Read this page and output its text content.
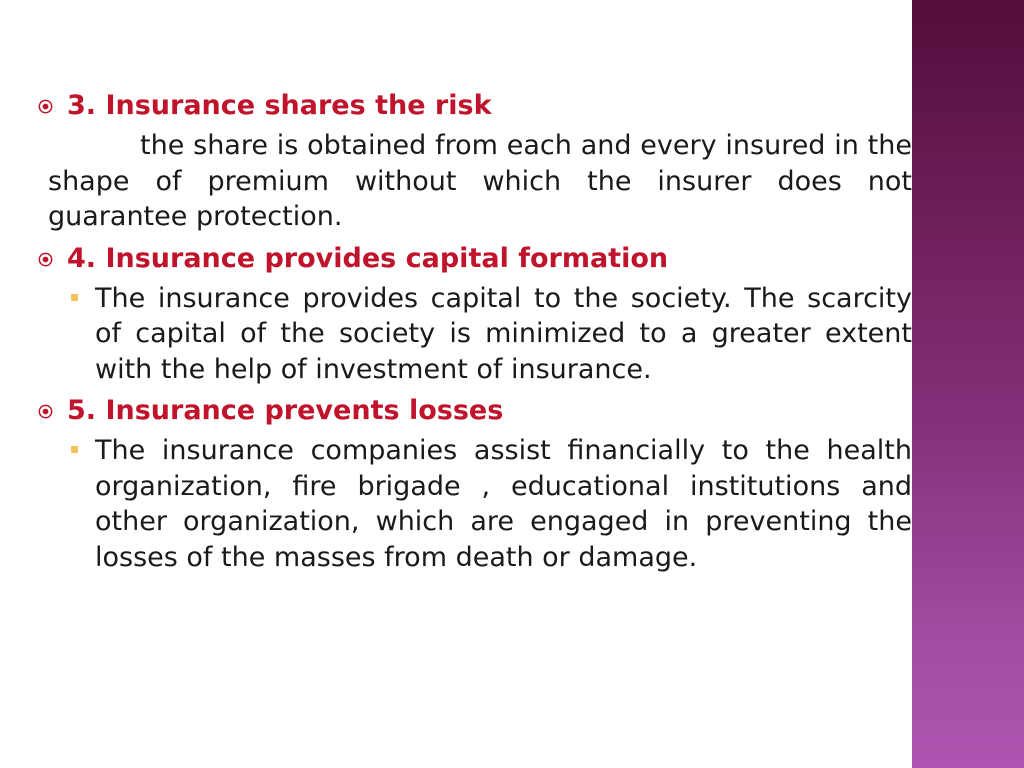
3. Insurance shares the risk

the share is obtained from each and every insured in the shape of premium without which the insurer does not guarantee protection.

4. Insurance provides capital formation

The insurance provides capital to the society. The scarcity of capital of the society is minimized to a greater extent with the help of investment of insurance.

5. Insurance prevents losses

The insurance companies assist financially to the health organization, fire brigade , educational institutions and other organization, which are engaged in preventing the losses of the masses from death or damage.
